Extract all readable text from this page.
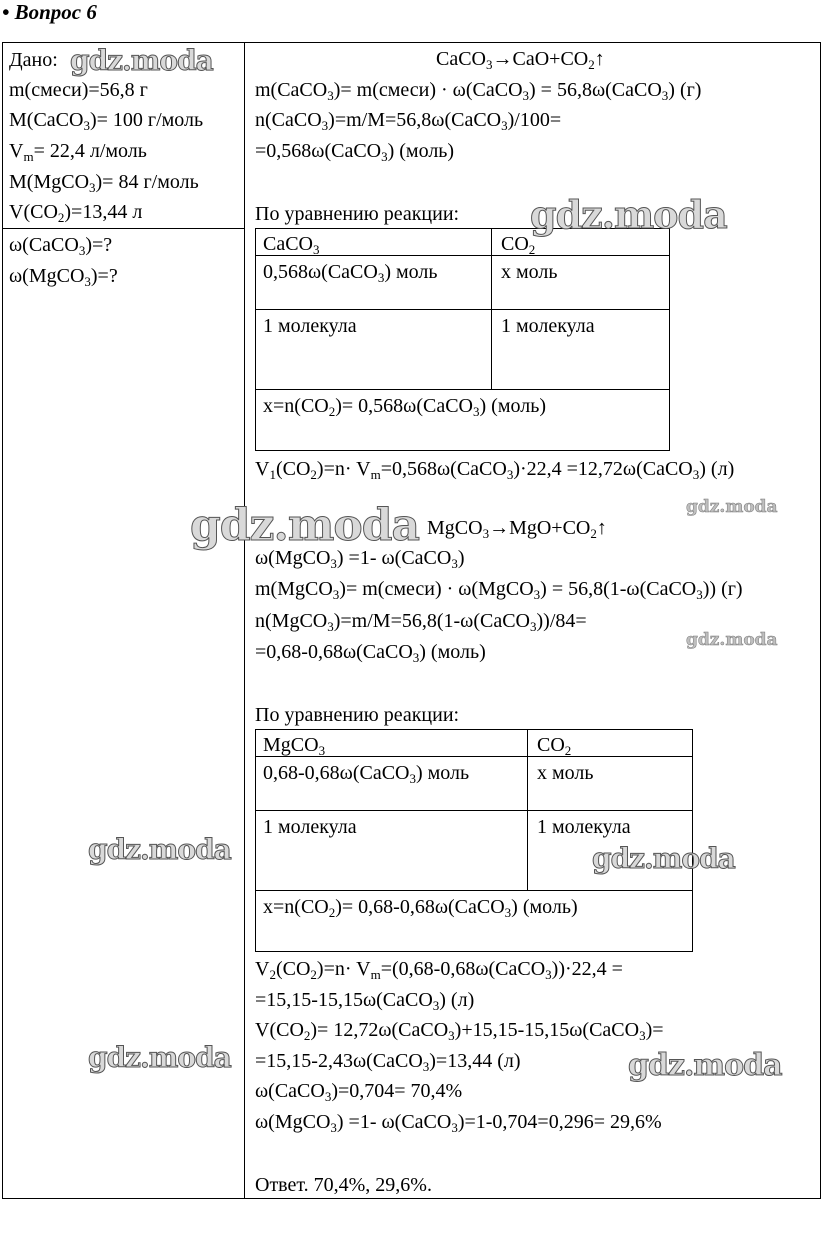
• Вопрос 6
Дано:
m(смеси)=56,8 г
M(CaCO$_3$)= 100 г/моль
$V_m= 22,4$ л/моль
M(MgCO$_3$)= 84 г/моль
$V(CO_2)=13,44$ л
ω(CaCO$_3$)=?
ω(MgCO$_3$)=?
$CaCO_3\to CaO+CO_2↑$
m(CaCO$_3$)= m(смеси) · ω(CaCO$_3$) = 56,8ω(CaCO$_3$) (г)
n(CaCO$_3$)=m/M=56,8ω(CaCO$_3$)/100=
=0,568ω(CaCO$_3$) (моль)
По уравнению реакции:
CaCO$_3$	$CO_2$
0,568ω(CaCO$_3$) моль	x моль
1 молекула	1 молекула
$x=n(CO_2)=$ 0,568ω(CaCO$_3$) (моль)
$V_1(CO_2)=n\cdot$ $V_m=0,568\omega(CaCO_3)\cdot 22,4$ =12,72ω(CaCO$_3$) (л)
$MgCO_3\to MgO+CO_2↑$
ω(MgCO$_3$) =1- ω(CaCO$_3$)
m(MgCO$_3$)= m(смеси) · ω(MgCO$_3$) = 56,8(1-ω(CaCO$_3$)) (г)
n(MgCO$_3$)=m/M=56,8(1-ω(CaCO$_3$))/84=
=0,68-0,68ω(CaCO$_3$) (моль)
По уравнению реакции:
MgCO$_3$	$CO_2$
0,68-0,68ω(CaCO$_3$) моль	x моль
1 молекула	1 молекула
$x=n(CO_2)=$ 0,68-0,68ω(CaCO$_3$) (моль)
$V_2(CO_2)=n\cdot$ $V_m=(0,68-0,68\omega(CaCO_3))\cdot 22,4$ =
=15,15-15,15ω(CaCO$_3$) (л)
$V(CO_2)=$ 12,72ω(CaCO$_3$)+15,15-15,15ω(CaCO$_3$)=
=15,15-2,43ω(CaCO$_3$)=13,44 (л)
ω(CaCO$_3$)=0,704= 70,4%
ω(MgCO$_3$) =1- ω(CaCO$_3$)=1-0,704=0,296= 29,6%
Ответ. 70,4%, 29,6%.
gdz.moda
gdz.moda
gdz.moda	gdz.moda
gdz.moda
gdz.moda	gdz.moda
gdz.moda	gdz.moda
